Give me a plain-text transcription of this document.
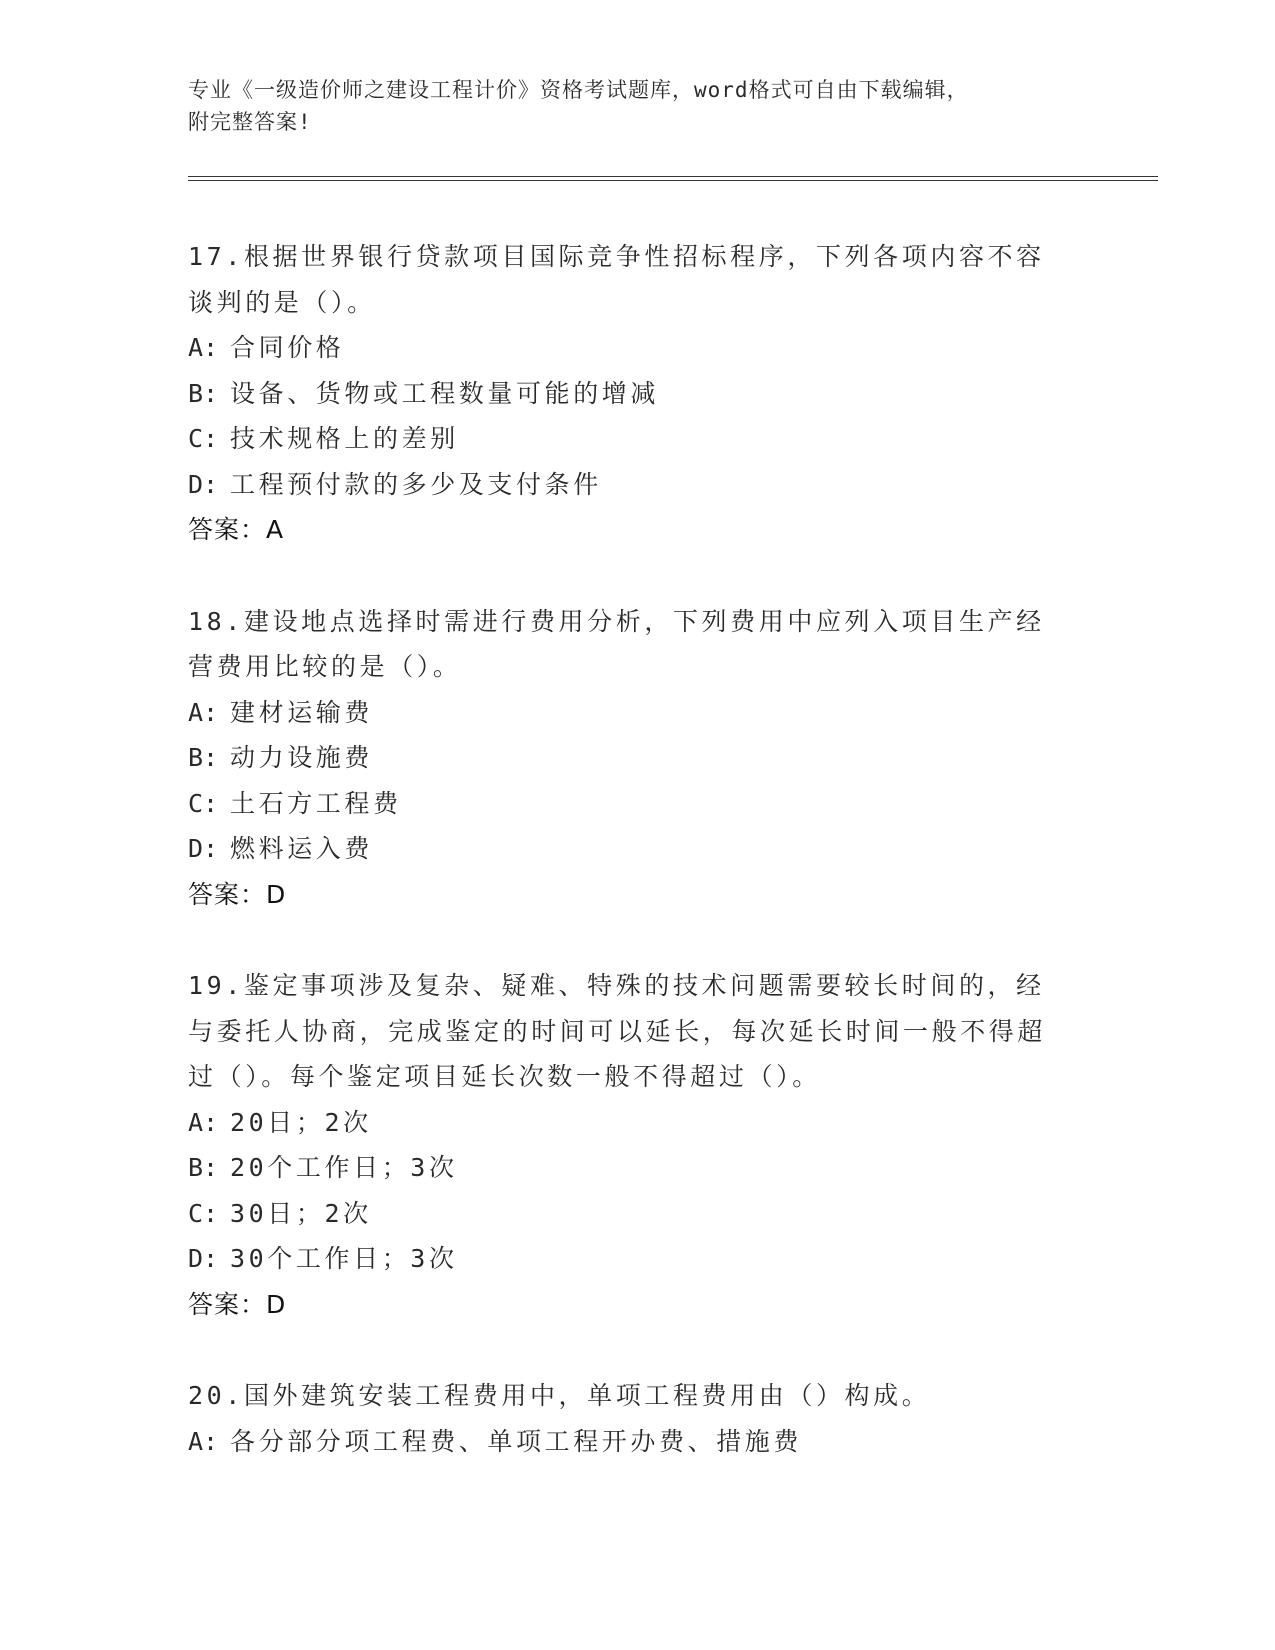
专业《一级造价师之建设工程计价》资格考试题库，word格式可自由下载编辑，
附完整答案!
17.根据世界银行贷款项目国际竞争性招标程序，下列各项内容不容谈判的是（）。
A: 合同价格
B: 设备、货物或工程数量可能的增减
C: 技术规格上的差别
D: 工程预付款的多少及支付条件
答案：A
18.建设地点选择时需进行费用分析，下列费用中应列入项目生产经营费用比较的是（）。
A: 建材运输费
B: 动力设施费
C: 土石方工程费
D: 燃料运入费
答案：D
19.鉴定事项涉及复杂、疑难、特殊的技术问题需要较长时间的，经与委托人协商，完成鉴定的时间可以延长，每次延长时间一般不得超过（）。每个鉴定项目延长次数一般不得超过（）。
A: 20日；2次
B: 20个工作日；3次
C: 30日；2次
D: 30个工作日；3次
答案：D
20.国外建筑安装工程费用中，单项工程费用由（）构成。
A: 各分部分项工程费、单项工程开办费、措施费
